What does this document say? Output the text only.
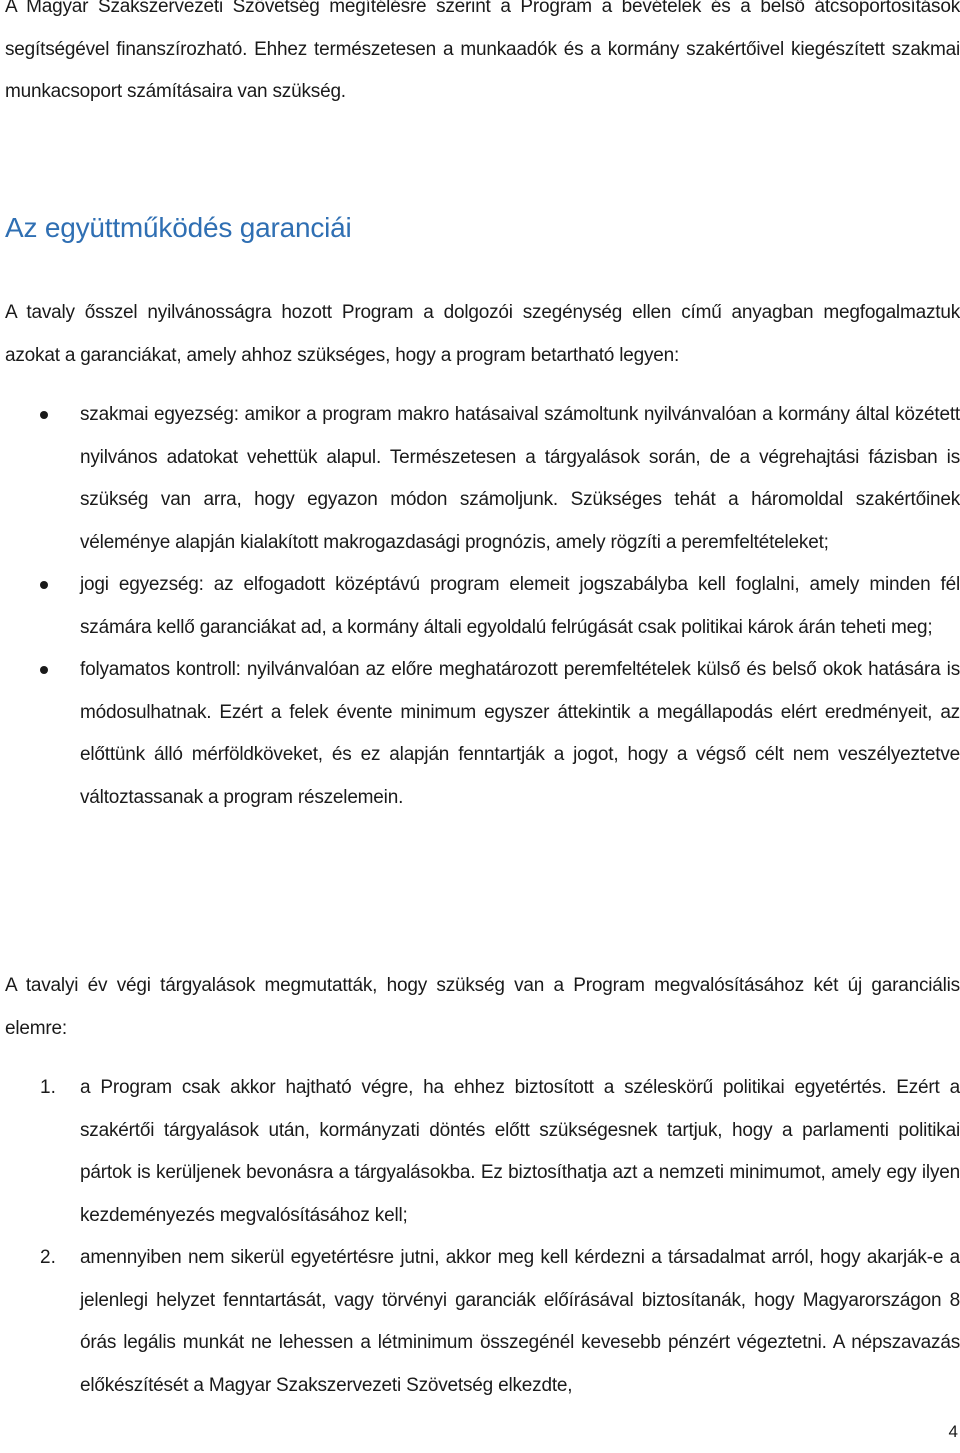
A Magyar Szakszervezeti Szövetség megítélésre szerint a Program a bevételek és a belső átcsoportosítások segítségével finanszírozható. Ehhez természetesen a munkaadók és a kormány szakértőivel kiegészített szakmai munkacsoport számításaira van szükség.

Az együttműködés garanciái

A tavaly ősszel nyilvánosságra hozott Program a dolgozói szegénység ellen című anyagban megfogalmaztuk azokat a garanciákat, amely ahhoz szükséges, hogy a program betartható legyen:

szakmai egyezség: amikor a program makro hatásaival számoltunk nyilvánvalóan a kormány által közétett nyilvános adatokat vehettük alapul. Természetesen a tárgyalások során, de a végrehajtási fázisban is szükség van arra, hogy egyazon módon számoljunk. Szükséges tehát a háromoldal szakértőinek véleménye alapján kialakított makrogazdasági prognózis, amely rögzíti a peremfeltételeket;

jogi egyezség: az elfogadott középtávú program elemeit jogszabályba kell foglalni, amely minden fél számára kellő garanciákat ad, a kormány általi egyoldalú felrúgását csak politikai károk árán teheti meg;

folyamatos kontroll: nyilvánvalóan az előre meghatározott peremfeltételek külső és belső okok hatására is módosulhatnak. Ezért a felek évente minimum egyszer áttekintik a megállapodás elért eredményeit, az előttünk álló mérföldköveket, és ez alapján fenntartják a jogot, hogy a végső célt nem veszélyeztetve változtassanak a program részelemein.

A tavalyi év végi tárgyalások megmutatták, hogy szükség van a Program megvalósításához két új garanciális elemre:

1. a Program csak akkor hajtható végre, ha ehhez biztosított a széleskörű politikai egyetértés. Ezért a szakértői tárgyalások után, kormányzati döntés előtt szükségesnek tartjuk, hogy a parlamenti politikai pártok is kerüljenek bevonásra a tárgyalásokba. Ez biztosíthatja azt a nemzeti minimumot, amely egy ilyen kezdeményezés megvalósításához kell;

2. amennyiben nem sikerül egyetértésre jutni, akkor meg kell kérdezni a társadalmat arról, hogy akarják-e a jelenlegi helyzet fenntartását, vagy törvényi garanciák előírásával biztosítanák, hogy Magyarországon 8 órás legális munkát ne lehessen a létminimum összegénél kevesebb pénzért végeztetni. A népszavazás előkészítését a Magyar Szakszervezeti Szövetség elkezdte,

4
